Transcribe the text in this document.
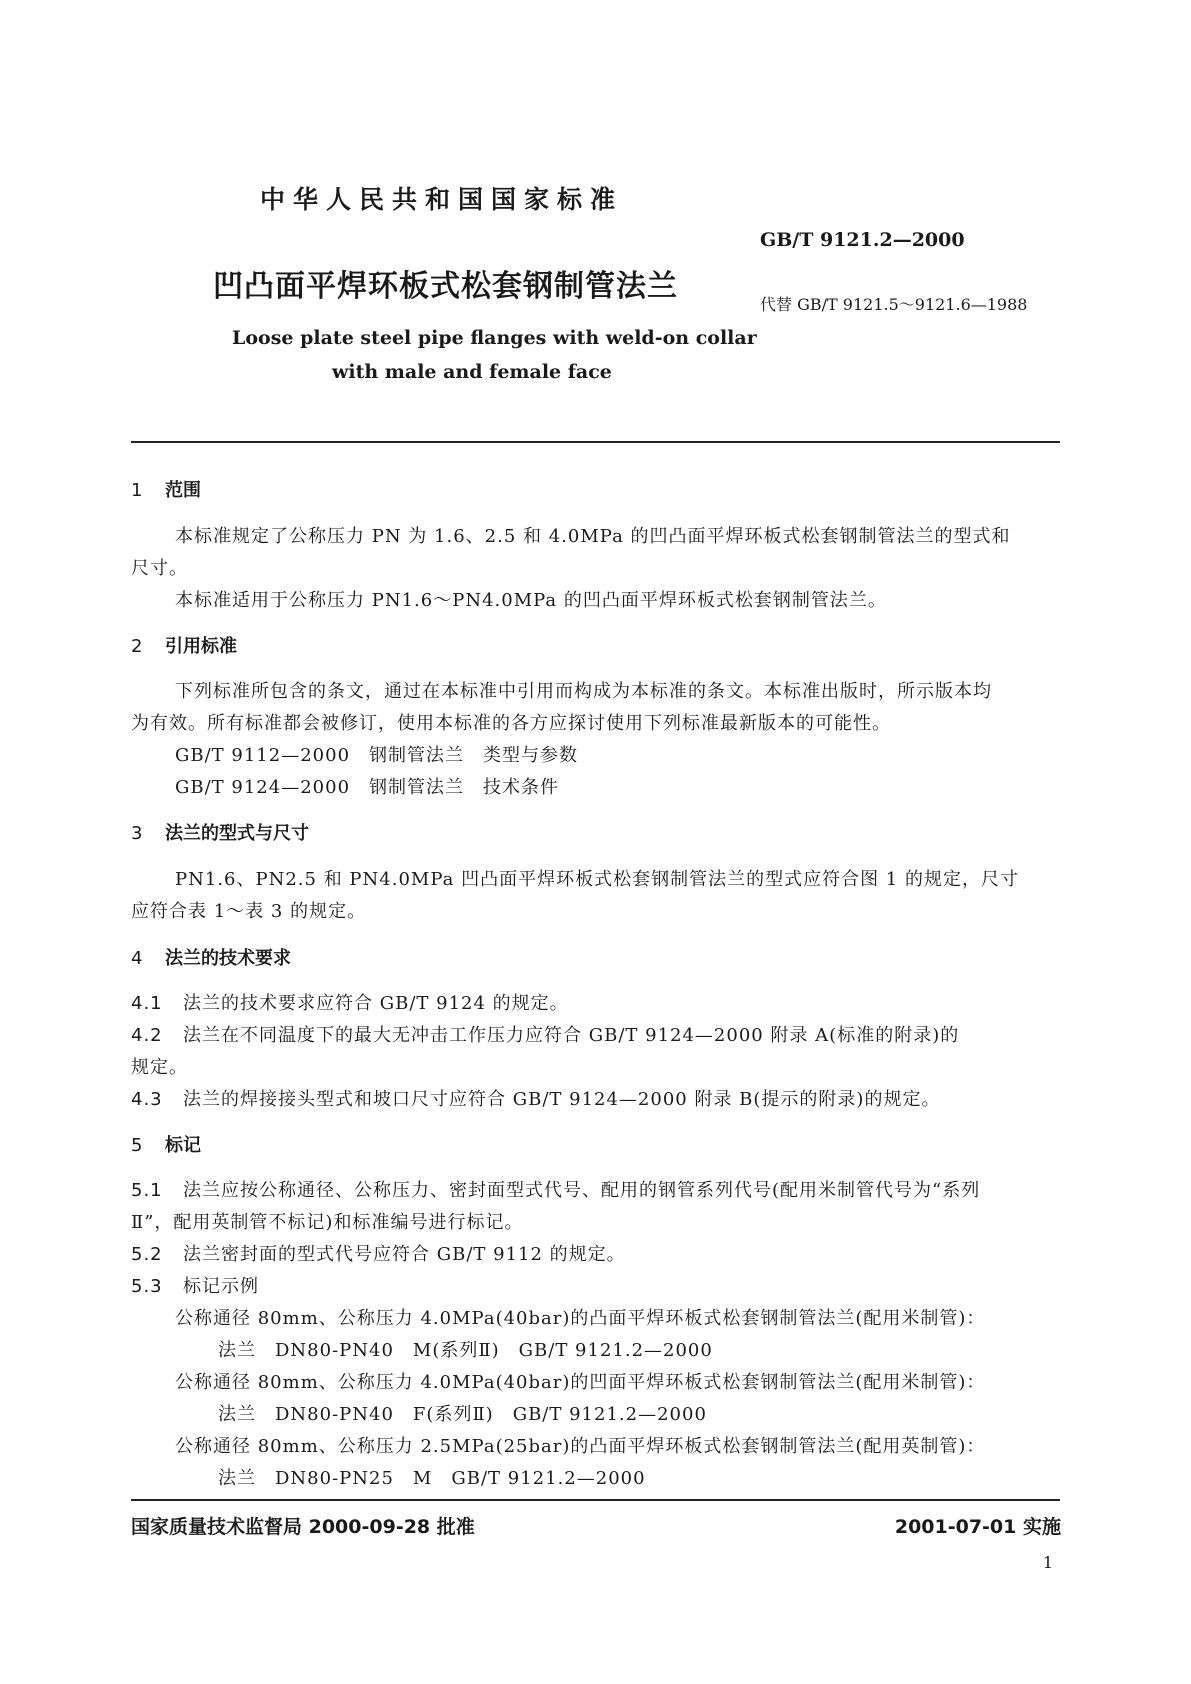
中华人民共和国国家标准
GB/T 9121.2—2000
凹凸面平焊环板式松套钢制管法兰
代替 GB/T 9121.5～9121.6—1988
Loose plate steel pipe flanges with weld-on collar
with male and female face
1 范围
本标准规定了公称压力 PN 为 1.6、2.5 和 4.0MPa 的凹凸面平焊环板式松套钢制管法兰的型式和
尺寸。
本标准适用于公称压力 PN1.6～PN4.0MPa 的凹凸面平焊环板式松套钢制管法兰。
2 引用标准
下列标准所包含的条文，通过在本标准中引用而构成为本标准的条文。本标准出版时，所示版本均
为有效。所有标准都会被修订，使用本标准的各方应探讨使用下列标准最新版本的可能性。
GB/T 9112—2000　钢制管法兰　类型与参数
GB/T 9124—2000　钢制管法兰　技术条件
3 法兰的型式与尺寸
PN1.6、PN2.5 和 PN4.0MPa 凹凸面平焊环板式松套钢制管法兰的型式应符合图 1 的规定，尺寸
应符合表 1～表 3 的规定。
4 法兰的技术要求
4.1 法兰的技术要求应符合 GB/T 9124 的规定。
4.2 法兰在不同温度下的最大无冲击工作压力应符合 GB/T 9124—2000 附录 A(标准的附录)的
规定。
4.3 法兰的焊接接头型式和坡口尺寸应符合 GB/T 9124—2000 附录 B(提示的附录)的规定。
5 标记
5.1 法兰应按公称通径、公称压力、密封面型式代号、配用的钢管系列代号(配用米制管代号为“系列
Ⅱ”，配用英制管不标记)和标准编号进行标记。
5.2 法兰密封面的型式代号应符合 GB/T 9112 的规定。
5.3 标记示例
公称通径 80mm、公称压力 4.0MPa(40bar)的凸面平焊环板式松套钢制管法兰(配用米制管)：
法兰　DN80-PN40　M(系列Ⅱ)　GB/T 9121.2—2000
公称通径 80mm、公称压力 4.0MPa(40bar)的凹面平焊环板式松套钢制管法兰(配用米制管)：
法兰　DN80-PN40　F(系列Ⅱ)　GB/T 9121.2—2000
公称通径 80mm、公称压力 2.5MPa(25bar)的凸面平焊环板式松套钢制管法兰(配用英制管)：
法兰　DN80-PN25　M　GB/T 9121.2—2000
国家质量技术监督局 2000-09-28 批准	2001-07-01 实施
1
